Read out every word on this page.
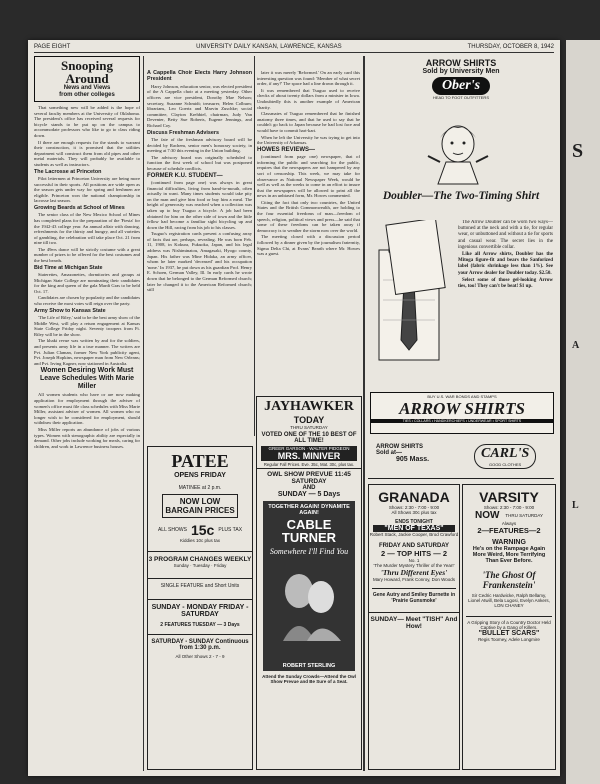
S
A
L
PAGE EIGHT	UNIVERSITY DAILY KANSAN, LAWRENCE, KANSAS	THURSDAY, OCTOBER 8, 1942
Snooping
Around
News and Views
from other colleges

That something new will be added is the hope of several faculty members at the University of Oklahoma. The president's office has received several requests for bicycle stands to be put up on the campus to accommodate professors who like to go to class riding down.

If there are enough requests for the stands to warrant their construction, it is promised that the utilities department will construct them from old pipes and other metal materials. They will probably be available to students as well as instructors.

The Lacrosse at Princeton

Pilot lettermen at Princeton University are being more successful in their sports. All positions are wide open as the season gets under way for spring and freshmen are eligible. Princeton won the national championship in lacrosse last season.

Growing Beards at School of Mines

The senior class of the New Mexico School of Mines has completed plans for the preparation of the 'Fiesta' for the 1942-43 college year. An annual affair with dancing, refreshments for the thirsty and hungry, and all varieties of gambling, the celebration will take place Oct. 21 from nine till two.

The 49ers dance will be strictly costume with a great number of prizes to be offered for the best costumes and the best beards.

Bid Time at Michigan State

Staterettes, Amazonettes, dormitories and groups at Michigan State College are nominating their candidates for the king and queen of the gala Mardi Gras to be held Oct. 17.

Candidates are chosen by popularity and the candidates who receive the most votes will reign over the party.

Army Show to Kansas State

'The Life of Riley,' said to be the best army show of the Middle West, will play a return engagement at Kansas State College Friday night. Seventy troopers from Ft. Riley will be in the show.

The khaki revue was written by and for the soldiers, and presents army life in a true manner. The writers are Pvt. Julian Claman, former New York publicity agent, Pvt. Joseph Hopkins, newspaper man from New Orleans; and Pvt. Irving Kagner, now stationed in Australia.

Women Desiring Work Must Leave Schedules With Marie Miller

All women students who have or are now making application for employment through the adviser of women's office must file class schedules with Miss Marie Miller, assistant adviser of women. All women who no longer wish to be considered for employment, should withdraw their application.

Miss Miller reports an abundance of jobs of various types. Women with stenographic ability are especially in demand. Other jobs include working for meals, caring for children, and work in Lawrence business houses.

A Cappella Choir Elects Harry Johnson President

Harry Johnson, education senior, was elected president of the A Cappella choir at a meeting yesterday. Other officers are vice president, Dorothy Mae Nelson; secretary, Suzanne Schmidt; treasurer, Helen Colburn; librarians, Leo Goertz and Marvin Zuschke; social committee, Clayton Krehbiel, chairman, Judy Van Deventer, Betty Sue Roberts, Eugene Jennings, and Richard Coy.

Discuss Freshman Advisers

The fate of the freshman advisory board will be decided by Rachem, senior men's honorary society, in meeting at 7:30 this evening in the Union building.

The advisory board was originally scheduled to function the first week of school but was postponed because of schedule conflicts.

FORMER K.U. STUDENT—

(continued from page one) was always in great financial difficulties, living from hand-to-mouth, often actually in want. Many times students would take pity on the man and give him food or buy him a meal. The height of generosity was reached when a collection was taken up to buy Tsuguo a bicycle. A job had been obtained for him on the other side of town and the little fellow had become a familiar sight bicycling up and down the Hill, racing from his job to his classes.

Tsuguo's registration cards present a confusing array of facts that are, perhaps, revealing. He was born Feb. 11, 1908, in Kokura, Fukuoka, Japan, and his legal address was Nishiminatou, Amagasaki, Hyogo county, Japan. His father was Mine Hidaka, an army officer, whom he later marked 'deceased' and his occupation 'none.' In 1937, he put down as his guardian Prof. Henry E. Schoen, German Valley, Ill. In early cards he wrote down that he belonged to the German Reformed church; later he changed it to the American Reformed church; still

later it was merely 'Reformed.' On an early card this interesting question was found: 'Member of what secret order, if any?' The space had a line drawn through it.

It was remembered that Tsuguo used to receive checks of about twenty dollars from a minister in Iowa. Undoubtedly this is another example of American charity.

Classmates of Tsuguo remembered that he finished anatomy three times, and that he used to say that he couldn't go back to Japan because he had lost face and would have to commit hari-kari.

When he left the University he was trying to get into the University of Arkansas.

HOWES REVIEWS—

(continued from page one) newspaper, that of informing the public and searching for the public, requires that the newspapers are not hampered by any sort of censorship. This week, we may take for observance as National Newspaper Week, would be well as well as the weeks to come in an effort to insure that the newspapers will be allowed to print all the news in an unbiased form, Mr. Howes commented.

Citing the fact that only two countries, the United States and the British Commonwealth, are holding to the four essential freedoms of man—freedom of speech, religion, political views and press—he said that some of these freedoms can be taken away if democracy is to weather the storm now over the world.

The meeting closed with a discussion period followed by a dinner given by the journalism fraternity, Sigma Delta Chi, at Evans' Bearth where Mr. Howes was a guest.

ARROW SHIRTS
Sold by University Men
Ober's
HEAD TO FOOT OUTFITTERS
Doubler—The Two-Timing Shirt

The Arrow Doubler can be worn two ways—buttoned at the neck and with a tie, for regular wear, or unbuttoned and without a tie for sports and casual wear. The secret lies in the ingenious convertible collar.

Like all Arrow shirts, Doubler has the Mitoga figure-fit and bears the Sanforized label (fabric shrinkage less than 1%). See your Arrow dealer for Doubler today. $2.50.

Select some of those gel-looking Arrow ties, too! They can't be beat! $1 up.

BUY U.S. WAR BONDS AND STAMPS
ARROW SHIRTS
TIES • COLLARS • HANDKERCHIEFS • UNDERWEAR • SPORT SHIRTS
ARROW SHIRTS
Sold at—
905 Mass.	CARL'S
GOOD CLOTHES
JAYHAWKER
TODAY
THRU SATURDAY
VOTED ONE OF THE 10 BEST OF ALL TIME!
GREER GARSON · WALTER PIDGEON
MRS. MINIVER
Regular Fall Prices. Eve. 35c, Mat. 30c, plus tax.
OWL SHOW PREVUE 11:45 SATURDAY
AND
SUNDAY — 5 Days
TOGETHER AGAIN! DYNAMITE AGAIN!
CABLE TURNER
Somewhere I'll Find You
ROBERT STERLING
Attend the Sunday Crowds—Attend the Owl Show Prevue and Be Sure of a Seat.
PATEE
OPENS FRIDAY
MATINEE at 2 p.m.
NOW LOW BARGAIN PRICES
ALL SHOWS 15c PLUS TAX
Kiddies 10c plus tax
3 PROGRAM CHANGES WEEKLY
Sunday · Tuesday · Friday
SINGLE FEATURE and Short Units
SUNDAY - MONDAY FRIDAY - SATURDAY
2 FEATURES TUESDAY — 3 Days
SATURDAY - SUNDAY Continuous from 1:30 p.m.
All Other Shows 2 - 7 - 9
GRANADA
Shows: 2:30 - 7:00 - 9:00
All Shows 30c plus tax
ENDS TONIGHT
"MEN OF TEXAS"
Robert Stack, Jackie Cooper, Brod Crawford
FRIDAY AND SATURDAY
2 — TOP HITS — 2
No. 1
'The Murder Mystery Thriller of the Year!'
'Thru Different Eyes'
Mary Howard, Frank Conroy, Don Woods
Gene Autry and Smiley Burnette in 'Prairie Gunsmoke'
SUNDAY— Meet "TISH" And How!
VARSITY
Shows: 2:30 - 7:00 - 9:00
NOW THRU SATURDAY
Always
2—FEATURES—2
WARNING
He's on the Rampage Again More Weird, More Terrifying Than Ever Before.
'The Ghost Of Frankenstein'
Sir Cedric Hardwicke, Ralph Bellamy, Lionel Atwill, Bela Lugosi, Evelyn Ankers, LON CHANEY
A Gripping Story of a Country Doctor Held Captive by a Gang of Killers.
"BULLET SCARS"
Regis Toomey, Adele Longmire
